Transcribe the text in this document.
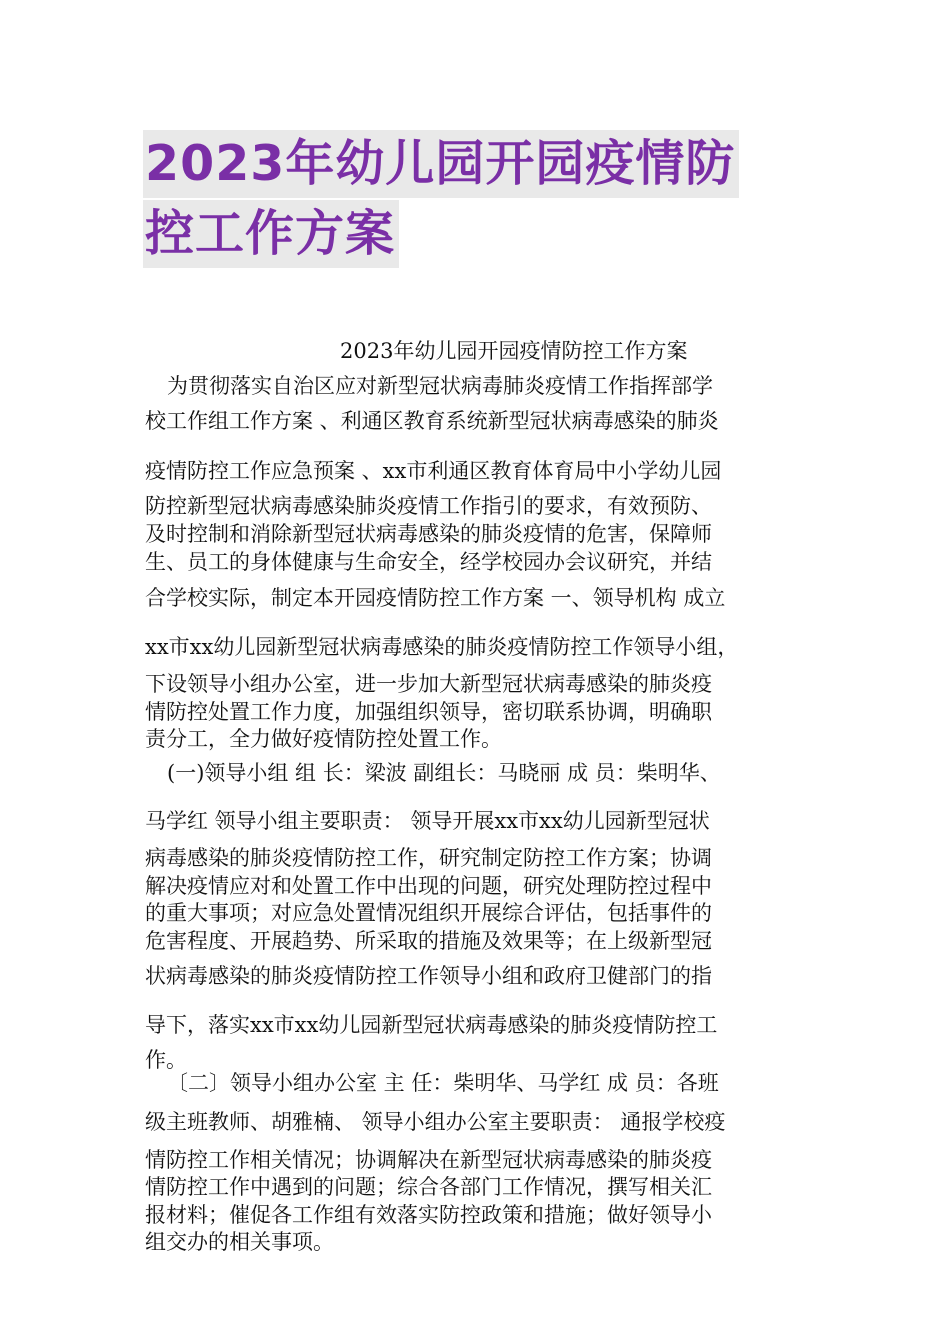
2023年幼儿园开园疫情防
控工作方案
2023年幼儿园开园疫情防控工作方案
为贯彻落实自治区应对新型冠状病毒肺炎疫情工作指挥部学
校工作组工作方案 、利通区教育系统新型冠状病毒感染的肺炎
疫情防控工作应急预案 、xx市利通区教育体育局中小学幼儿园
防控新型冠状病毒感染肺炎疫情工作指引的要求，有效预防、
及时控制和消除新型冠状病毒感染的肺炎疫情的危害，保障师
生、员工的身体健康与生命安全，经学校园办会议研究，并结
合学校实际，制定本开园疫情防控工作方案 一、领导机构 成立
xx市xx幼儿园新型冠状病毒感染的肺炎疫情防控工作领导小组，
下设领导小组办公室，进一步加大新型冠状病毒感染的肺炎疫
情防控处置工作力度，加强组织领导，密切联系协调，明确职
责分工，全力做好疫情防控处置工作。
(一)领导小组 组 长：梁波 副组长：马晓丽 成 员：柴明华、
马学红 领导小组主要职责： 领导开展xx市xx幼儿园新型冠状
病毒感染的肺炎疫情防控工作，研究制定防控工作方案；协调
解决疫情应对和处置工作中出现的问题，研究处理防控过程中
的重大事项；对应急处置情况组织开展综合评估，包括事件的
危害程度、开展趋势、所采取的措施及效果等；在上级新型冠
状病毒感染的肺炎疫情防控工作领导小组和政府卫健部门的指
导下，落实xx市xx幼儿园新型冠状病毒感染的肺炎疫情防控工
作。
〔二〕领导小组办公室 主 任：柴明华、马学红 成 员：各班
级主班教师、胡雅楠、 领导小组办公室主要职责： 通报学校疫
情防控工作相关情况；协调解决在新型冠状病毒感染的肺炎疫
情防控工作中遇到的问题；综合各部门工作情况，撰写相关汇
报材料；催促各工作组有效落实防控政策和措施；做好领导小
组交办的相关事项。
